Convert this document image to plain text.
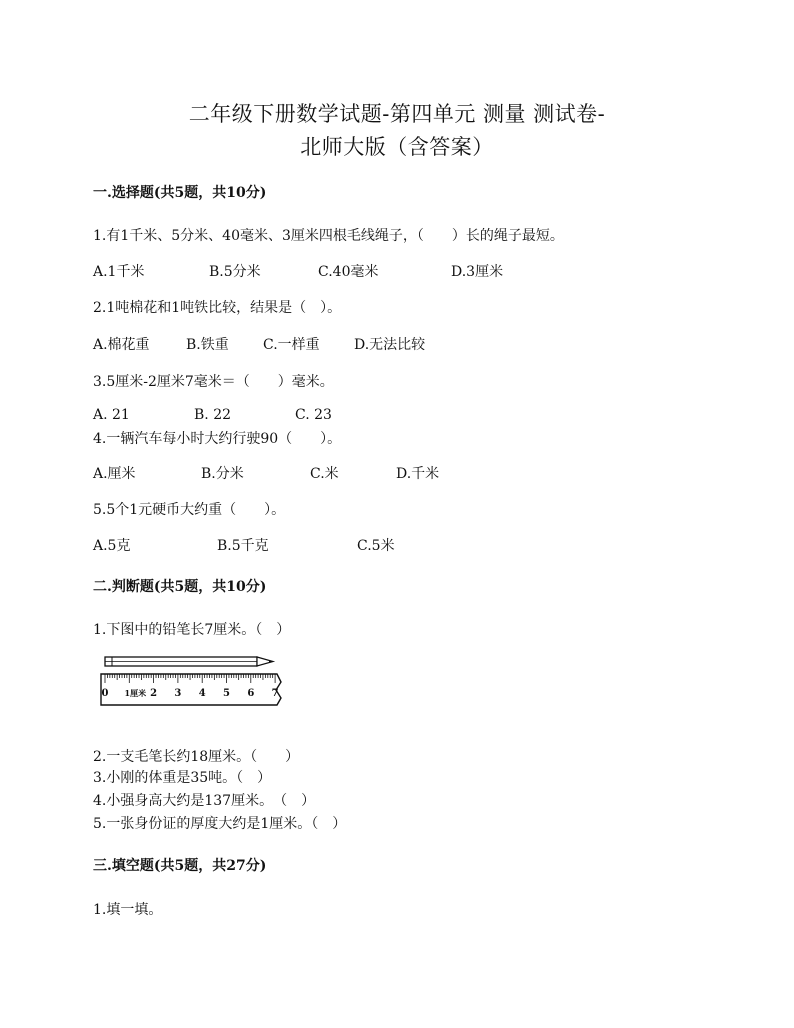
二年级下册数学试题-第四单元 测量 测试卷-
北师大版（含答案）
一.选择题(共5题，共10分)
1.有1千米、5分米、40毫米、3厘米四根毛线绳子，（　　）长的绳子最短。
A.1千米	B.5分米	C.40毫米	D.3厘米
2.1吨棉花和1吨铁比较，结果是（　）。
A.棉花重	B.铁重 C.一样重 D.无法比较
3.5厘米-2厘米7毫米＝（　　）毫米。
A. 21	B. 22	C. 23
4.一辆汽车每小时大约行驶90（　　）。
A.厘米	B.分米	C.米	D.千米
5.5个1元硬币大约重（　　）。
A.5克	B.5千克	C.5米
二.判断题(共5题，共10分)
1.下图中的铅笔长7厘米。（　）
0 1厘米 2 3 4 5 6 7
2.一支毛笔长约18厘米。（　　）
3.小刚的体重是35吨。（　）
4.小强身高大约是137厘米。　（　）
5.一张身份证的厚度大约是1厘米。（　）
三.填空题(共5题，共27分)
1.填一填。
